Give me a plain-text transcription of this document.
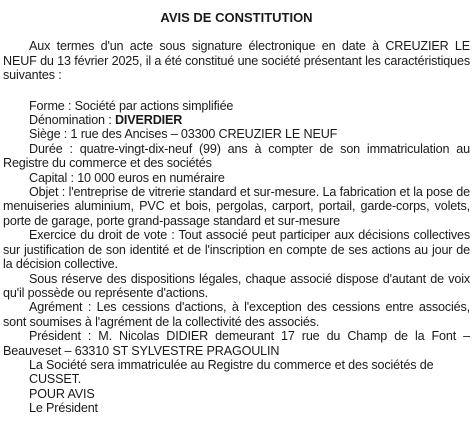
AVIS DE CONSTITUTION

Aux termes d'un acte sous signature électronique en date à CREUZIER LE NEUF du 13 février 2025, il a été constitué une société présentant les caractéristiques suivantes :

Forme : Société par actions simplifiée

Dénomination : DIVERDIER

Siège : 1 rue des Ancises – 03300 CREUZIER LE NEUF

Durée : quatre-vingt-dix-neuf (99) ans à compter de son immatriculation au Registre du commerce et des sociétés

Capital : 10 000 euros en numéraire

Objet : l'entreprise de vitrerie standard et sur-mesure. La fabrication et la pose de menuiseries aluminium, PVC et bois, pergolas, carport, portail, garde-corps, volets, porte de garage, porte grand-passage standard et sur-mesure

Exercice du droit de vote : Tout associé peut participer aux décisions collectives sur justification de son identité et de l'inscription en compte de ses actions au jour de la décision collective.

Sous réserve des dispositions légales, chaque associé dispose d'autant de voix qu'il possède ou représente d'actions.

Agrément : Les cessions d'actions, à l'exception des cessions entre associés, sont soumises à l'agrément de la collectivité des associés.

Président : M. Nicolas DIDIER demeurant 17 rue du Champ de la Font – Beauveset – 63310 ST SYLVESTRE PRAGOULIN

La Société sera immatriculée au Registre du commerce et des sociétés de CUSSET.

POUR AVIS

Le Président
